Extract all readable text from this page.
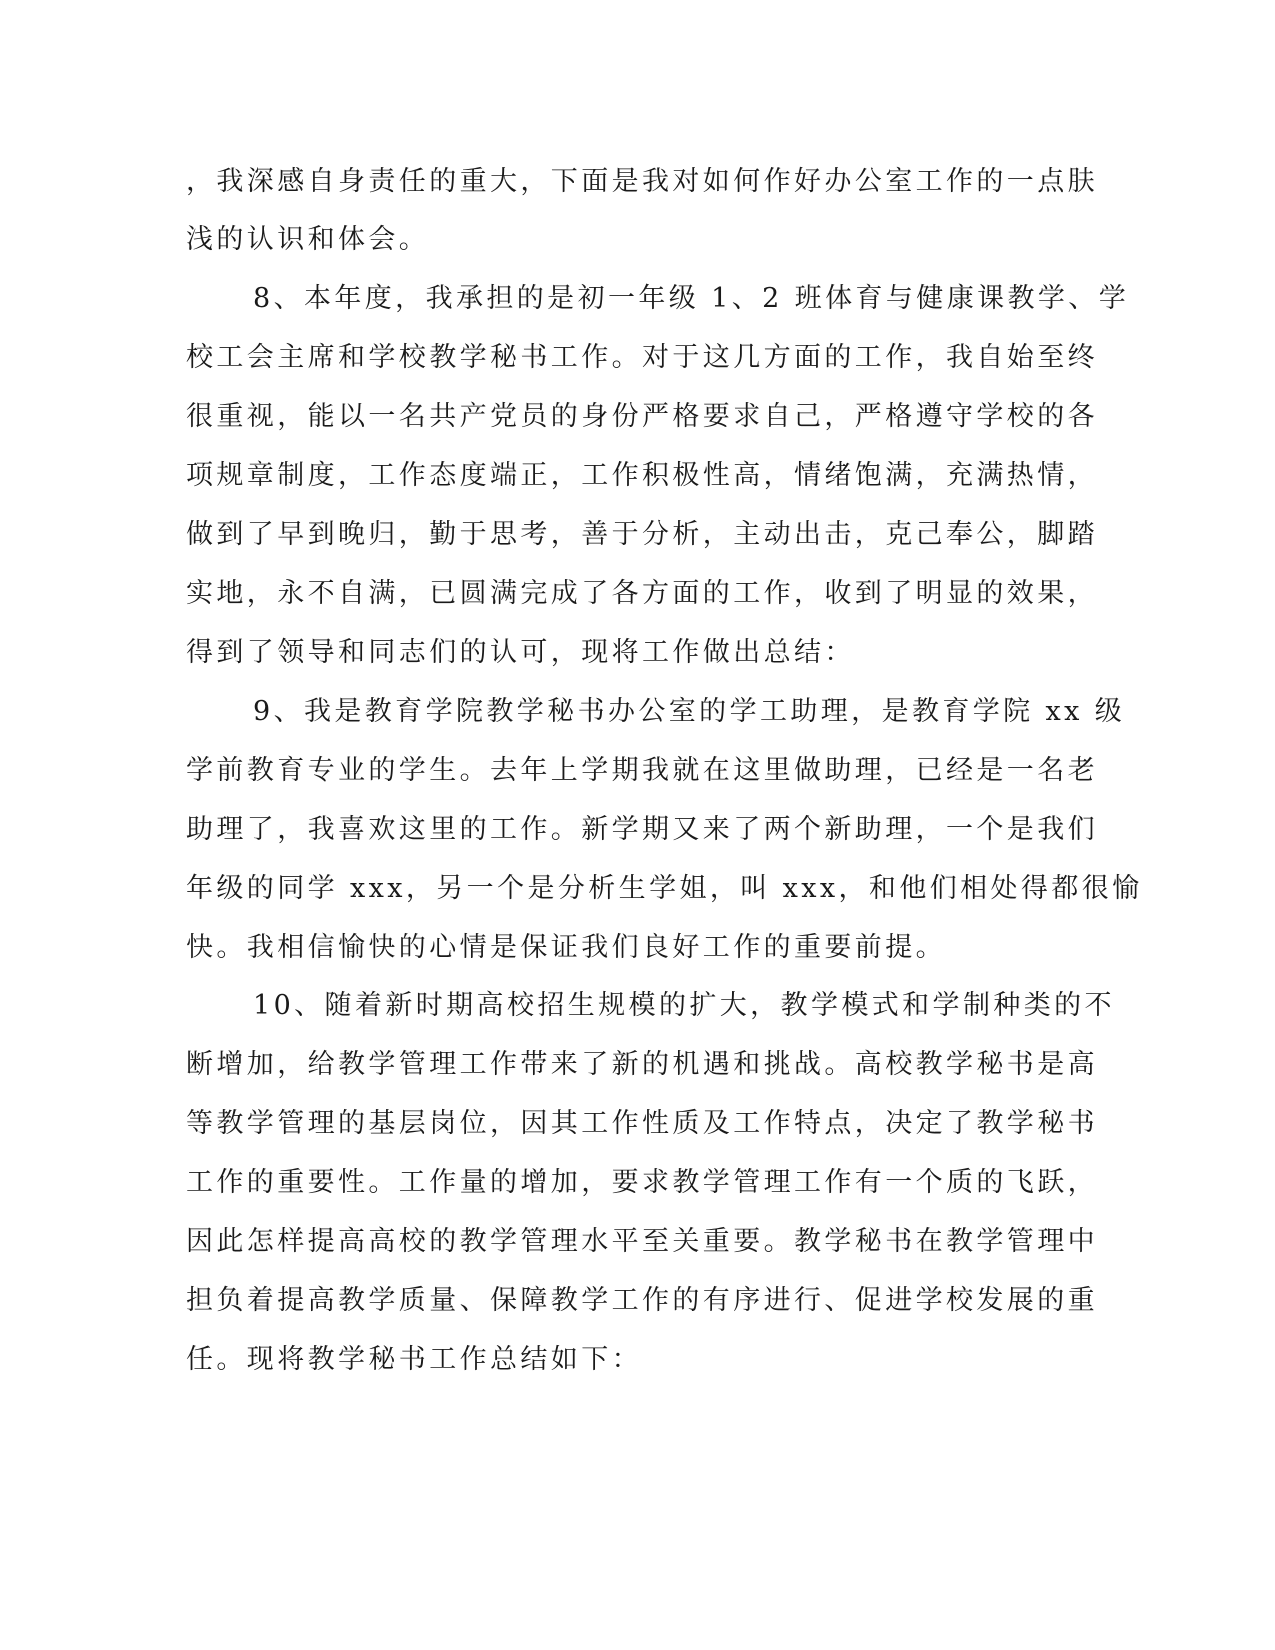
，我深感自身责任的重大，下面是我对如何作好办公室工作的一点肤
浅的认识和体会。
8、本年度，我承担的是初一年级 1、2 班体育与健康课教学、学
校工会主席和学校教学秘书工作。对于这几方面的工作，我自始至终
很重视，能以一名共产党员的身份严格要求自己，严格遵守学校的各
项规章制度，工作态度端正，工作积极性高，情绪饱满，充满热情，
做到了早到晚归，勤于思考，善于分析，主动出击，克己奉公，脚踏
实地，永不自满，已圆满完成了各方面的工作，收到了明显的效果，
得到了领导和同志们的认可，现将工作做出总结：
9、我是教育学院教学秘书办公室的学工助理，是教育学院 xx 级
学前教育专业的学生。去年上学期我就在这里做助理，已经是一名老
助理了，我喜欢这里的工作。新学期又来了两个新助理，一个是我们
年级的同学 xxx，另一个是分析生学姐，叫 xxx，和他们相处得都很愉
快。我相信愉快的心情是保证我们良好工作的重要前提。
10、随着新时期高校招生规模的扩大，教学模式和学制种类的不
断增加，给教学管理工作带来了新的机遇和挑战。高校教学秘书是高
等教学管理的基层岗位，因其工作性质及工作特点，决定了教学秘书
工作的重要性。工作量的增加，要求教学管理工作有一个质的飞跃，
因此怎样提高高校的教学管理水平至关重要。教学秘书在教学管理中
担负着提高教学质量、保障教学工作的有序进行、促进学校发展的重
任。现将教学秘书工作总结如下：
